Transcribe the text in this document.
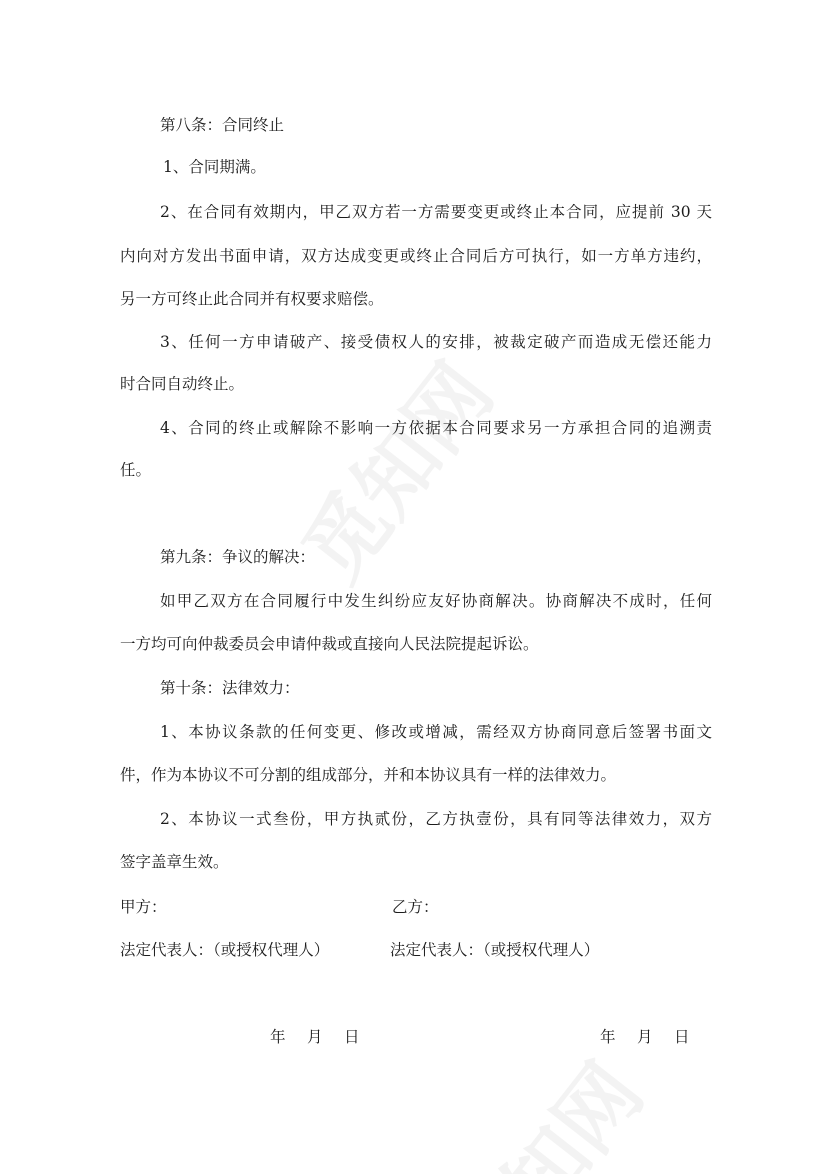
第八条：合同终止
1、合同期满。
2、在合同有效期内，甲乙双方若一方需要变更或终止本合同，应提前 30 天
内向对方发出书面申请，双方达成变更或终止合同后方可执行，如一方单方违约，
另一方可终止此合同并有权要求赔偿。
3、任何一方申请破产、接受债权人的安排，被裁定破产而造成无偿还能力
时合同自动终止。
4、合同的终止或解除不影响一方依据本合同要求另一方承担合同的追溯责
任。
第九条：争议的解决：
如甲乙双方在合同履行中发生纠纷应友好协商解决。协商解决不成时，任何
一方均可向仲裁委员会申请仲裁或直接向人民法院提起诉讼。
第十条：法律效力：
1、本协议条款的任何变更、修改或增减，需经双方协商同意后签署书面文
件，作为本协议不可分割的组成部分，并和本协议具有一样的法律效力。
2、本协议一式叁份，甲方执贰份，乙方执壹份，具有同等法律效力，双方
签字盖章生效。
甲方：	乙方：
法定代表人：（或授权代理人）	法定代表人：（或授权代理人）
年　月　日	年　月　日
